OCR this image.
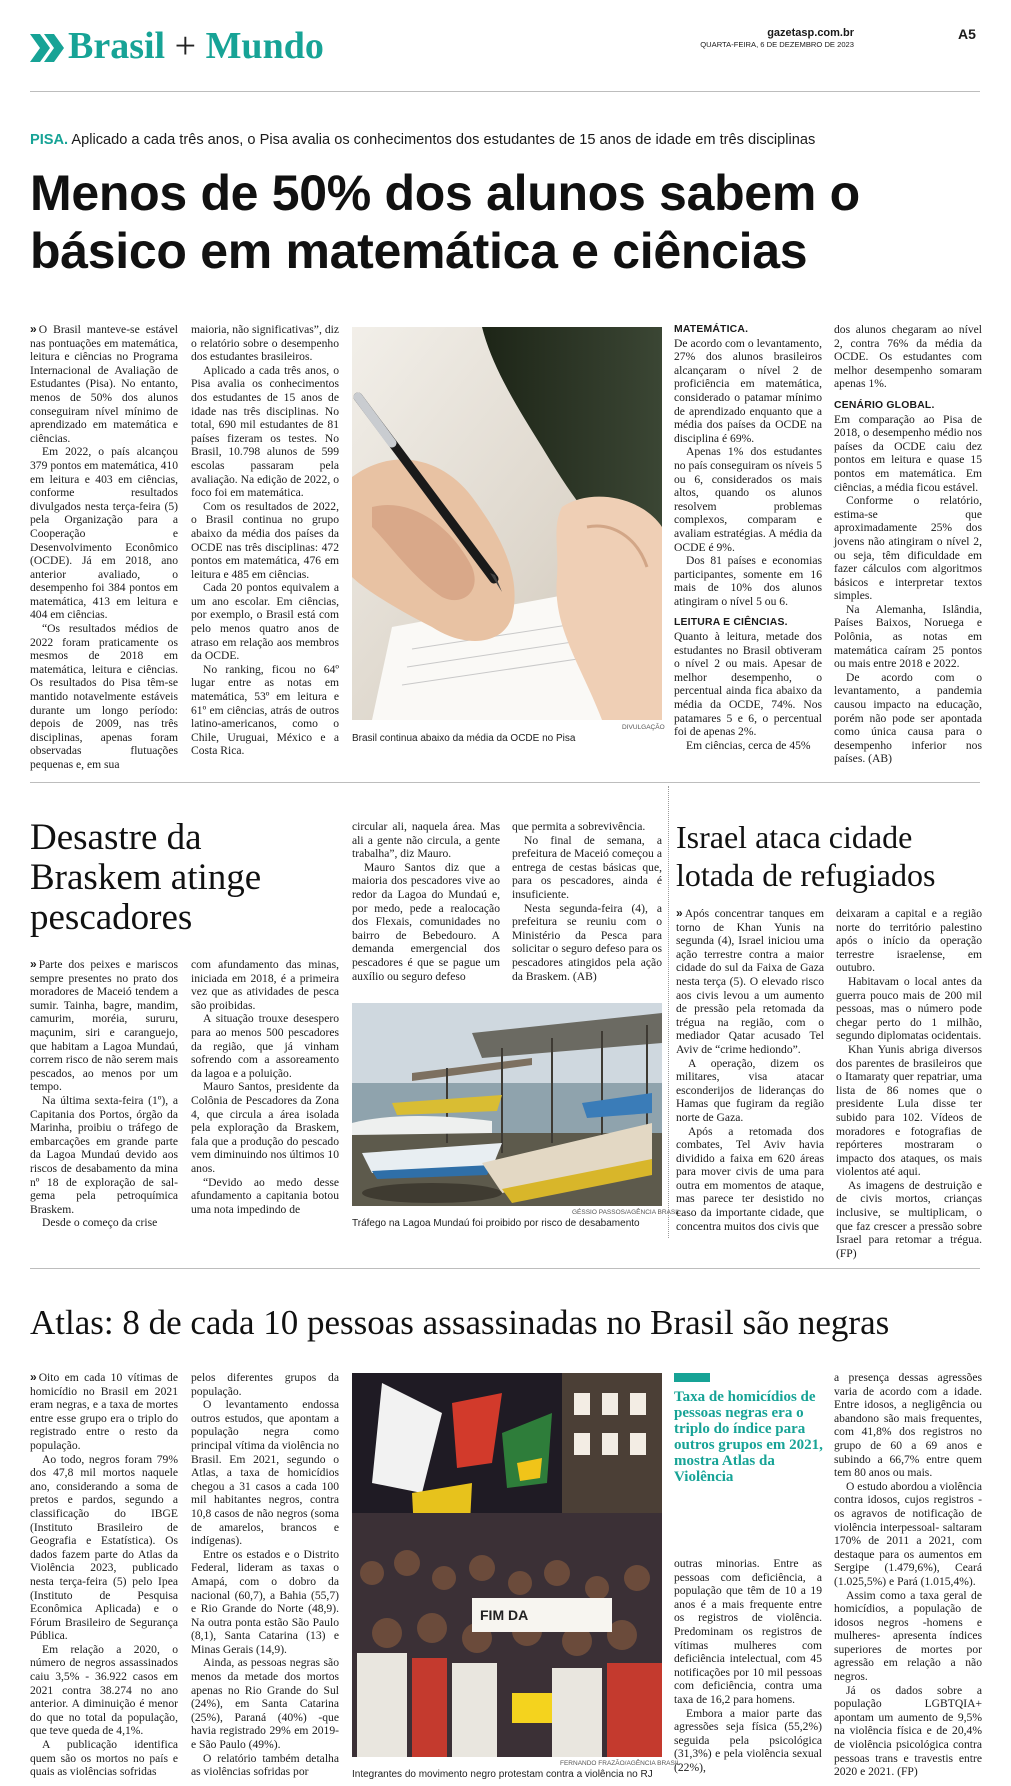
Brasil + Mundo	gazetasp.com.br
QUARTA-FEIRA, 6 DE DEZEMBRO DE 2023
A5
PISA. Aplicado a cada três anos, o Pisa avalia os conhecimentos dos estudantes de 15 anos de idade em três disciplinas
Menos de 50% dos alunos sabem o
básico em matemática e ciências

» O Brasil manteve-se estável nas pontuações em matemática, leitura e ciências no Programa Internacional de Avaliação de Estudantes (Pisa). No entanto, menos de 50% dos alunos conseguiram nível mínimo de aprendizado em matemática e ciências.

Em 2022, o país alcançou 379 pontos em matemática, 410 em leitura e 403 em ciências, conforme resultados divulgados nesta terça-feira (5) pela Organização para a Cooperação e Desenvolvimento Econômico (OCDE). Já em 2018, ano anterior avaliado, o desempenho foi 384 pontos em matemática, 413 em leitura e 404 em ciências.

“Os resultados médios de 2022 foram praticamente os mesmos de 2018 em matemática, leitura e ciências. Os resultados do Pisa têm-se mantido notavelmente estáveis durante um longo período: depois de 2009, nas três disciplinas, apenas foram observadas flutuações pequenas e, em sua

maioria, não significativas”, diz o relatório sobre o desempenho dos estudantes brasileiros.

Aplicado a cada três anos, o Pisa avalia os conhecimentos dos estudantes de 15 anos de idade nas três disciplinas. No total, 690 mil estudantes de 81 países fizeram os testes. No Brasil, 10.798 alunos de 599 escolas passaram pela avaliação. Na edição de 2022, o foco foi em matemática.

Com os resultados de 2022, o Brasil continua no grupo abaixo da média dos países da OCDE nas três disciplinas: 472 pontos em matemática, 476 em leitura e 485 em ciências.

Cada 20 pontos equivalem a um ano escolar. Em ciências, por exemplo, o Brasil está com pelo menos quatro anos de atraso em relação aos membros da OCDE.

No ranking, ficou no 64º lugar entre as notas em matemática, 53º em leitura e 61º em ciências, atrás de outros latino-americanos, como o Chile, Uruguai, México e a Costa Rica.

DIVULGAÇÃO
Brasil continua abaixo da média da OCDE no Pisa

MATEMÁTICA.

De acordo com o levantamento, 27% dos alunos brasileiros alcançaram o nível 2 de proficiência em matemática, considerado o patamar mínimo de aprendizado enquanto que a média dos países da OCDE na disciplina é 69%.

Apenas 1% dos estudantes no país conseguiram os níveis 5 ou 6, considerados os mais altos, quando os alunos resolvem problemas complexos, comparam e avaliam estratégias. A média da OCDE é 9%.

Dos 81 países e economias participantes, somente em 16 mais de 10% dos alunos atingiram o nível 5 ou 6.

LEITURA E CIÊNCIAS.

Quanto à leitura, metade dos estudantes no Brasil obtiveram o nível 2 ou mais. Apesar de melhor desempenho, o percentual ainda fica abaixo da média da OCDE, 74%. Nos patamares 5 e 6, o percentual foi de apenas 2%.

Em ciências, cerca de 45%

dos alunos chegaram ao nível 2, contra 76% da média da OCDE. Os estudantes com melhor desempenho somaram apenas 1%.

CENÁRIO GLOBAL.

Em comparação ao Pisa de 2018, o desempenho médio nos países da OCDE caiu dez pontos em leitura e quase 15 pontos em matemática. Em ciências, a média ficou estável.

Conforme o relatório, estima-se que aproximadamente 25% dos jovens não atingiram o nível 2, ou seja, têm dificuldade em fazer cálculos com algoritmos básicos e interpretar textos simples.

Na Alemanha, Islândia, Países Baixos, Noruega e Polônia, as notas em matemática caíram 25 pontos ou mais entre 2018 e 2022.

De acordo com o levantamento, a pandemia causou impacto na educação, porém não pode ser apontada como única causa para o desempenho inferior nos países. (AB)

Desastre da
Braskem atinge
pescadores

» Parte dos peixes e mariscos sempre presentes no prato dos moradores de Maceió tendem a sumir. Tainha, bagre, mandim, camurim, moréia, sururu, maçunim, siri e caranguejo, que habitam a Lagoa Mundaú, correm risco de não serem mais pescados, ao menos por um tempo.

Na última sexta-feira (1º), a Capitania dos Portos, órgão da Marinha, proibiu o tráfego de embarcações em grande parte da Lagoa Mundaú devido aos riscos de desabamento da mina nº 18 de exploração de sal-gema pela petroquímica Braskem.

Desde o começo da crise

com afundamento das minas, iniciada em 2018, é a primeira vez que as atividades de pesca são proibidas.

A situação trouxe desespero para ao menos 500 pescadores da região, que já vinham sofrendo com a assoreamento da lagoa e a poluição.

Mauro Santos, presidente da Colônia de Pescadores da Zona 4, que circula a área isolada pela exploração da Braskem, fala que a produção do pescado vem diminuindo nos últimos 10 anos.

“Devido ao medo desse afundamento a capitania botou uma nota impedindo de

circular ali, naquela área. Mas ali a gente não circula, a gente trabalha”, diz Mauro.

Mauro Santos diz que a maioria dos pescadores vive ao redor da Lagoa do Mundaú e, por medo, pede a realocação dos Flexais, comunidades no bairro de Bebedouro. A demanda emergencial dos pescadores é que se pague um auxílio ou seguro defeso

que permita a sobrevivência.

No final de semana, a prefeitura de Maceió começou a entrega de cestas básicas que, para os pescadores, ainda é insuficiente.

Nesta segunda-feira (4), a prefeitura se reuniu com o Ministério da Pesca para solicitar o seguro defeso para os pescadores atingidos pela ação da Braskem. (AB)

GÉSSIO PASSOS/AGÊNCIA BRASIL
Tráfego na Lagoa Mundaú foi proibido por risco de desabamento
Israel ataca cidade
lotada de refugiados

» Após concentrar tanques em torno de Khan Yunis na segunda (4), Israel iniciou uma ação terrestre contra a maior cidade do sul da Faixa de Gaza nesta terça (5). O elevado risco aos civis levou a um aumento de pressão pela retomada da trégua na região, com o mediador Qatar acusado Tel Aviv de “crime hediondo”.

A operação, dizem os militares, visa atacar esconderijos de lideranças do Hamas que fugiram da região norte de Gaza.

Após a retomada dos combates, Tel Aviv havia dividido a faixa em 620 áreas para mover civis de uma para outra em momentos de ataque, mas parece ter desistido no caso da importante cidade, que concentra muitos dos civis que

deixaram a capital e a região norte do território palestino após o início da operação terrestre israelense, em outubro.

Habitavam o local antes da guerra pouco mais de 200 mil pessoas, mas o número pode chegar perto do 1 milhão, segundo diplomatas ocidentais.

Khan Yunis abriga diversos dos parentes de brasileiros que o Itamaraty quer repatriar, uma lista de 86 nomes que o presidente Lula disse ter subido para 102. Vídeos de moradores e fotografias de repórteres mostraram o impacto dos ataques, os mais violentos até aqui.

As imagens de destruição e de civis mortos, crianças inclusive, se multiplicam, o que faz crescer a pressão sobre Israel para retomar a trégua. (FP)

Atlas: 8 de cada 10 pessoas assassinadas no Brasil são negras

» Oito em cada 10 vítimas de homicídio no Brasil em 2021 eram negras, e a taxa de mortes entre esse grupo era o triplo do registrado entre o resto da população.

Ao todo, negros foram 79% dos 47,8 mil mortos naquele ano, considerando a soma de pretos e pardos, segundo a classificação do IBGE (Instituto Brasileiro de Geografia e Estatística). Os dados fazem parte do Atlas da Violência 2023, publicado nesta terça-feira (5) pelo Ipea (Instituto de Pesquisa Econômica Aplicada) e o Fórum Brasileiro de Segurança Pública.

Em relação a 2020, o número de negros assassinados caiu 3,5% - 36.922 casos em 2021 contra 38.274 no ano anterior. A diminuição é menor do que no total da população, que teve queda de 4,1%.

A publicação identifica quem são os mortos no país e quais as violências sofridas

pelos diferentes grupos da população.

O levantamento endossa outros estudos, que apontam a população negra como principal vítima da violência no Brasil. Em 2021, segundo o Atlas, a taxa de homicídios chegou a 31 casos a cada 100 mil habitantes negros, contra 10,8 casos de não negros (soma de amarelos, brancos e indígenas).

Entre os estados e o Distrito Federal, lideram as taxas o Amapá, com o dobro da nacional (60,7), a Bahia (55,7) e Rio Grande do Norte (48,9). Na outra ponta estão São Paulo (8,1), Santa Catarina (13) e Minas Gerais (14,9).

Ainda, as pessoas negras são menos da metade dos mortos apenas no Rio Grande do Sul (24%), em Santa Catarina (25%), Paraná (40%) -que havia registrado 29% em 2019- e São Paulo (49%).

O relatório também detalha as violências sofridas por

FIM DA
FERNANDO FRAZÃO/AGÊNCIA BRASIL
Integrantes do movimento negro protestam contra a violência no RJ
Taxa de homicídios de pessoas negras era o triplo do índice para outros grupos em 2021, mostra Atlas da Violência

outras minorias. Entre as pessoas com deficiência, a população que têm de 10 a 19 anos é a mais frequente entre os registros de violência. Predominam os registros de vítimas mulheres com deficiência intelectual, com 45 notificações por 10 mil pessoas com deficiência, contra uma taxa de 16,2 para homens.

Embora a maior parte das agressões seja física (55,2%) seguida pela psicológica (31,3%) e pela violência sexual (22%),

a presença dessas agressões varia de acordo com a idade. Entre idosos, a negligência ou abandono são mais frequentes, com 41,8% dos registros no grupo de 60 a 69 anos e subindo a 66,7% entre quem tem 80 anos ou mais.

O estudo abordou a violência contra idosos, cujos registros -os agravos de notificação de violência interpessoal- saltaram 170% de 2011 a 2021, com destaque para os aumentos em Sergipe (1.479,6%), Ceará (1.025,5%) e Pará (1.015,4%).

Assim como a taxa geral de homicídios, a população de idosos negros -homens e mulheres- apresenta índices superiores de mortes por agressão em relação a não negros.

Já os dados sobre a população LGBTQIA+ apontam um aumento de 9,5% na violência física e de 20,4% de violência psicológica contra pessoas trans e travestis entre 2020 e 2021. (FP)
